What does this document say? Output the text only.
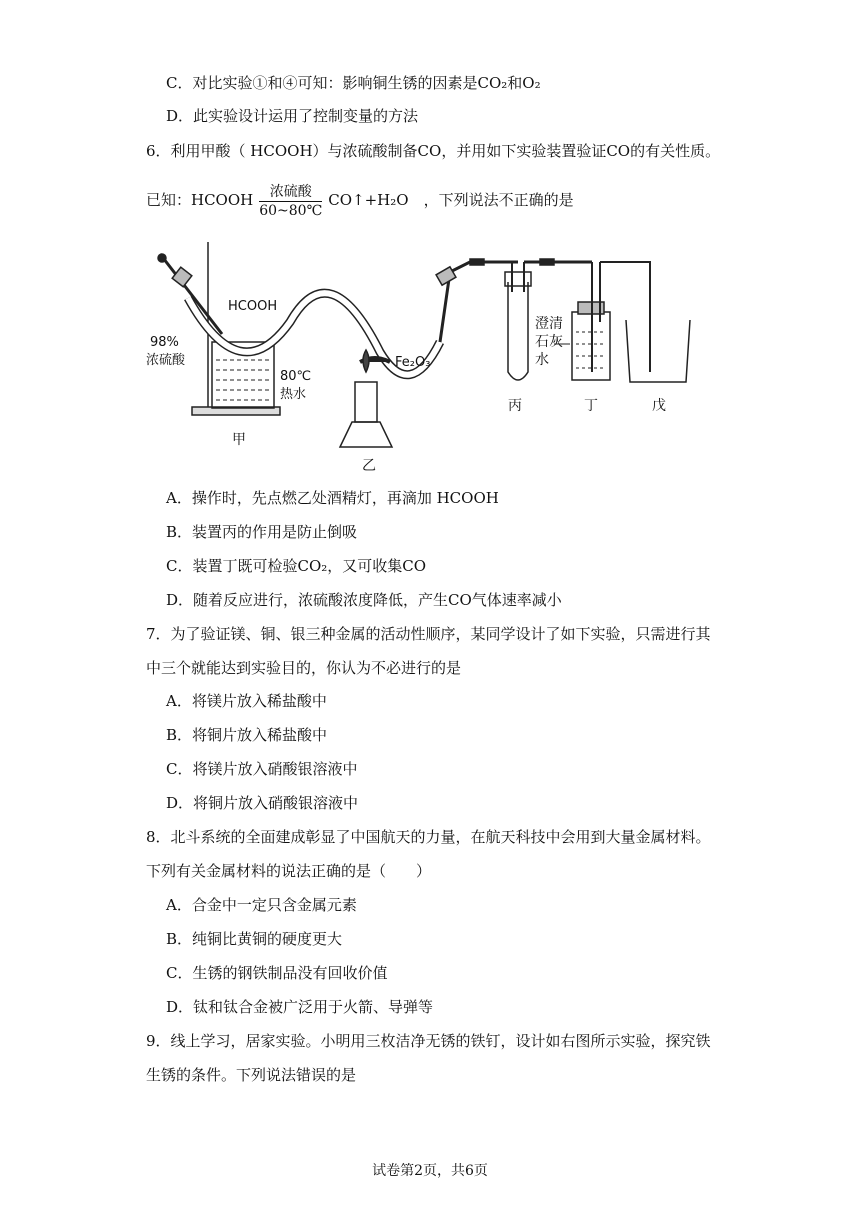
C．对比实验①和④可知：影响铜生锈的因素是CO₂和O₂
D．此实验设计运用了控制变量的方法
6．利用甲酸（ HCOOH）与浓硫酸制备CO，并用如下实验装置验证CO的有关性质。
已知：HCOOH $\frac{\text{浓硫酸}}{60\sim 80℃}$ CO↑+H₂O　 ，下列说法不正确的是
HCOOH
98%
浓硫酸
80℃
热水
Fe₂O₃
澄清
石灰
水
甲
乙
丙	丁	戊
A．操作时，先点燃乙处酒精灯，再滴加 HCOOH
B．装置丙的作用是防止倒吸
C．装置丁既可检验CO₂，又可收集CO
D．随着反应进行，浓硫酸浓度降低，产生CO气体速率减小
7．为了验证镁、铜、银三种金属的活动性顺序，某同学设计了如下实验，只需进行其
中三个就能达到实验目的，你认为不必进行的是
A．将镁片放入稀盐酸中
B．将铜片放入稀盐酸中
C．将镁片放入硝酸银溶液中
D．将铜片放入硝酸银溶液中
8．北斗系统的全面建成彰显了中国航天的力量，在航天科技中会用到大量金属材料。
下列有关金属材料的说法正确的是（　　）
A．合金中一定只含金属元素
B．纯铜比黄铜的硬度更大
C．生锈的钢铁制品没有回收价值
D．钛和钛合金被广泛用于火箭、导弹等
9．线上学习，居家实验。小明用三枚洁净无锈的铁钉，设计如右图所示实验，探究铁
生锈的条件。下列说法错误的是
试卷第2页，共6页
